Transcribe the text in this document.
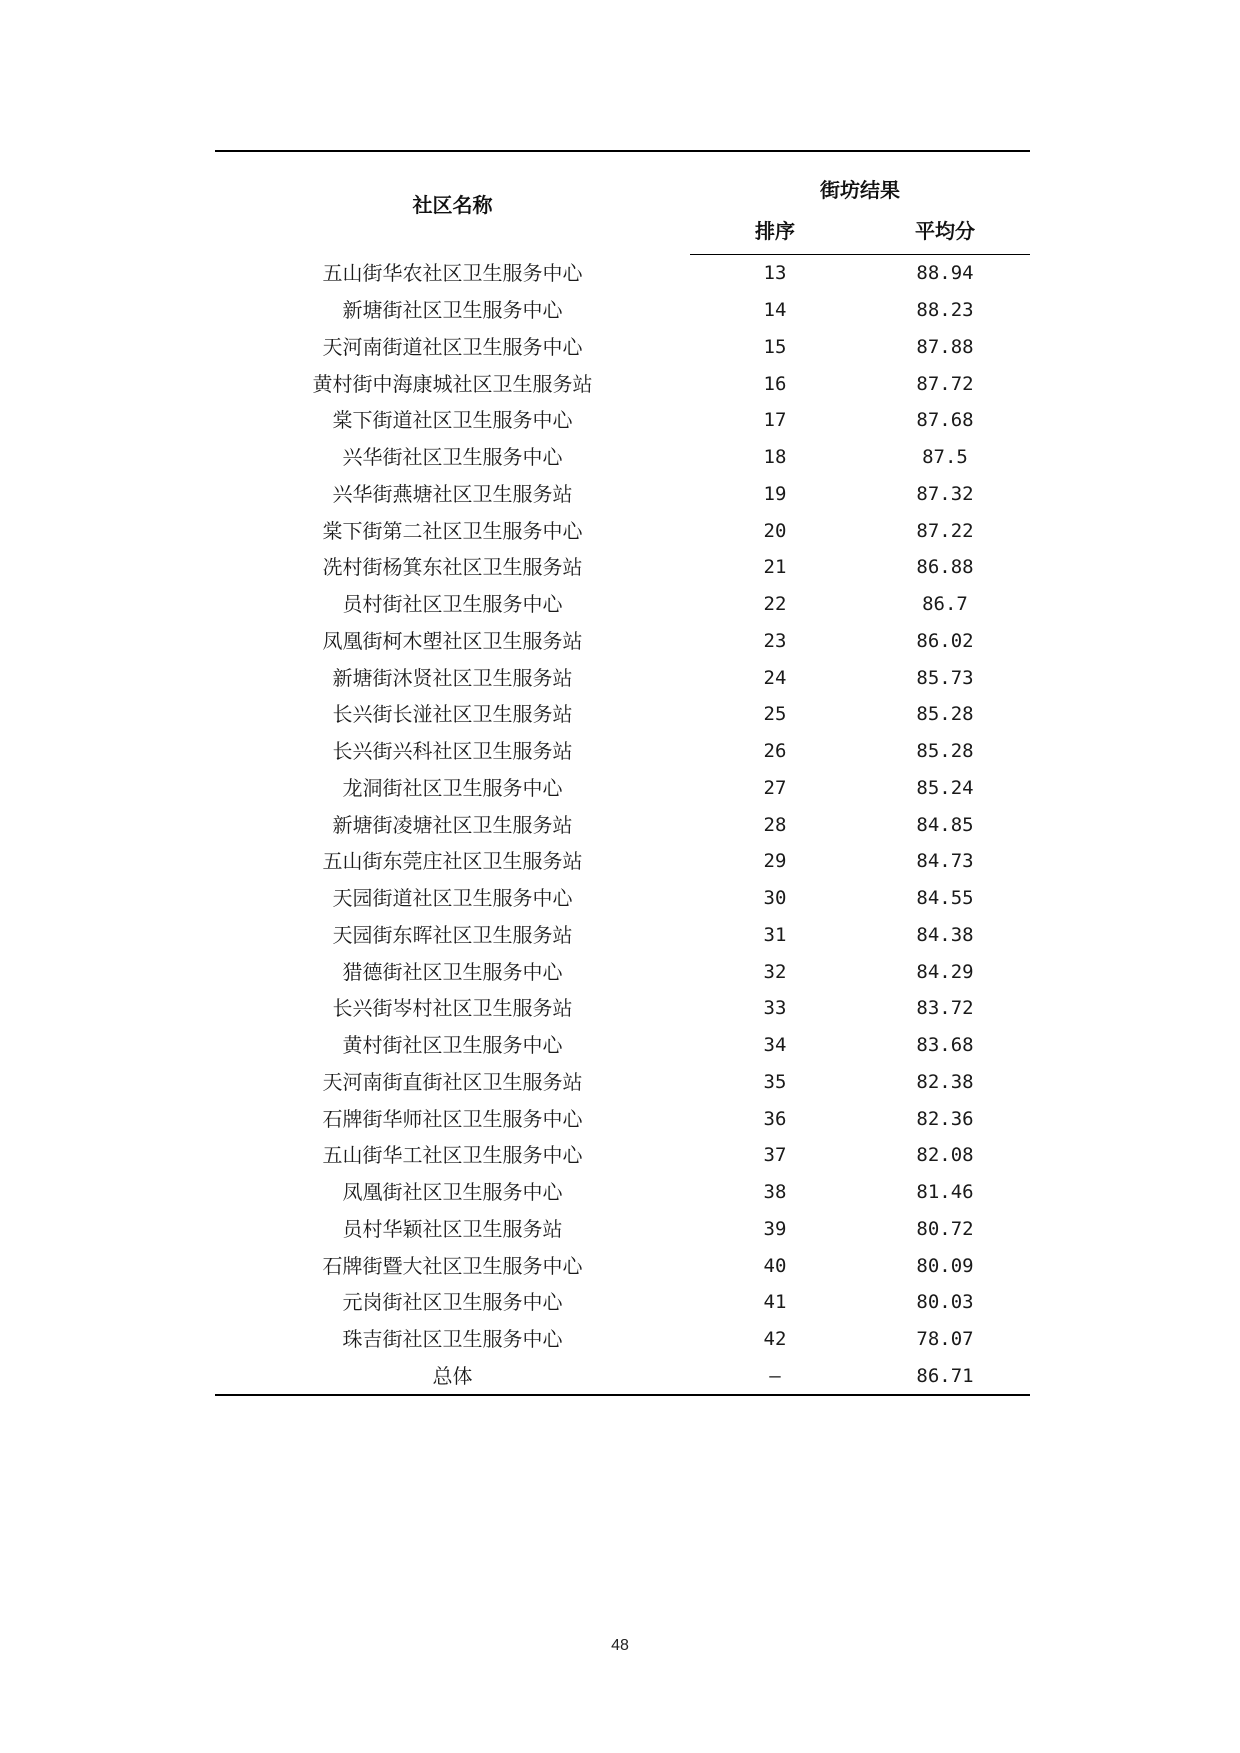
社区名称	街坊结果	
	排序	平均分
五山街华农社区卫生服务中心	13	88.94
新塘街社区卫生服务中心	14	88.23
天河南街道社区卫生服务中心	15	87.88
黄村街中海康城社区卫生服务站	16	87.72
棠下街道社区卫生服务中心	17	87.68
兴华街社区卫生服务中心	18	87.5
兴华街燕塘社区卫生服务站	19	87.32
棠下街第二社区卫生服务中心	20	87.22
冼村街杨箕东社区卫生服务站	21	86.88
员村街社区卫生服务中心	22	86.7
凤凰街柯木塱社区卫生服务站	23	86.02
新塘街沐贤社区卫生服务站	24	85.73
长兴街长湴社区卫生服务站	25	85.28
长兴街兴科社区卫生服务站	26	85.28
龙洞街社区卫生服务中心	27	85.24
新塘街凌塘社区卫生服务站	28	84.85
五山街东莞庄社区卫生服务站	29	84.73
天园街道社区卫生服务中心	30	84.55
天园街东晖社区卫生服务站	31	84.38
猎德街社区卫生服务中心	32	84.29
长兴街岑村社区卫生服务站	33	83.72
黄村街社区卫生服务中心	34	83.68
天河南街直街社区卫生服务站	35	82.38
石牌街华师社区卫生服务中心	36	82.36
五山街华工社区卫生服务中心	37	82.08
凤凰街社区卫生服务中心	38	81.46
员村华颖社区卫生服务站	39	80.72
石牌街暨大社区卫生服务中心	40	80.09
元岗街社区卫生服务中心	41	80.03
珠吉街社区卫生服务中心	42	78.07
总体	—	86.71
48
